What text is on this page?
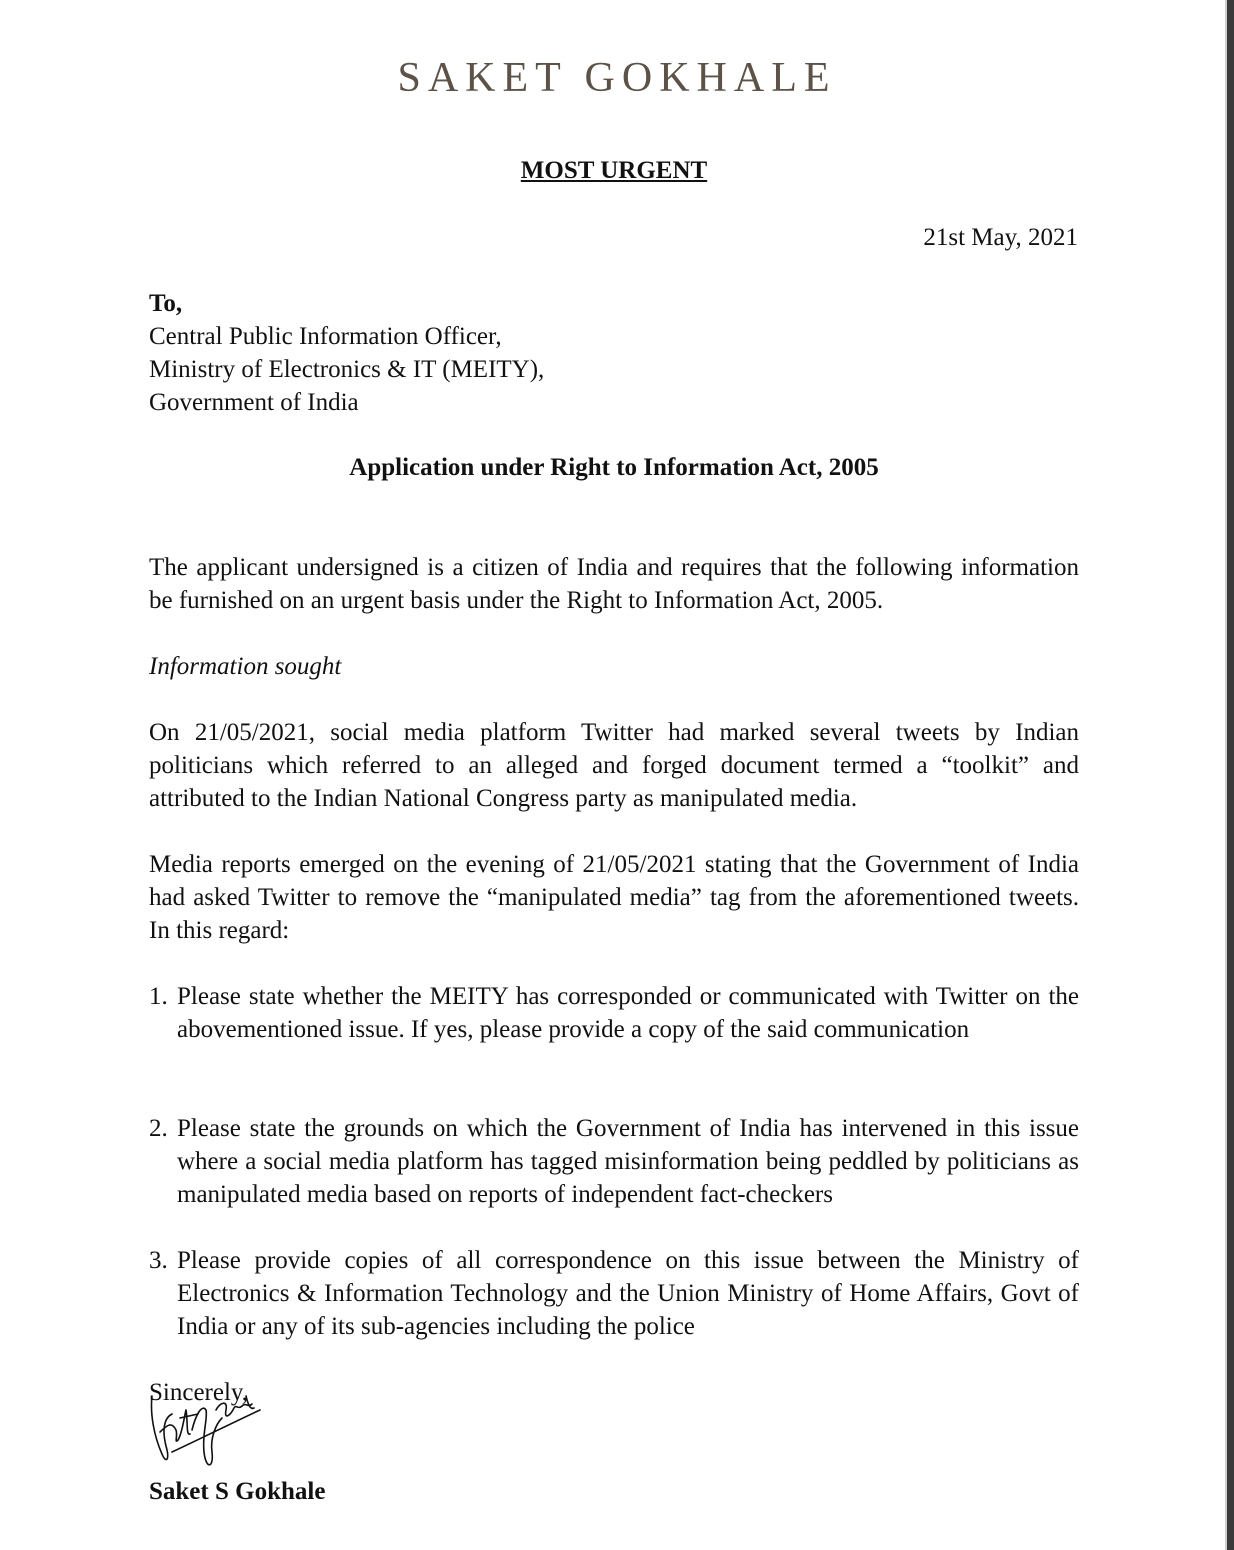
SAKET GOKHALE
MOST URGENT
21st May, 2021
To,
Central Public Information Officer,
Ministry of Electronics & IT (MEITY),
Government of India
Application under Right to Information Act, 2005

The applicant undersigned is a citizen of India and requires that the following information be furnished on an urgent basis under the Right to Information Act, 2005.

Information sought

On 21/05/2021, social media platform Twitter had marked several tweets by Indian politicians which referred to an alleged and forged document termed a “toolkit” and attributed to the Indian National Congress party as manipulated media.

Media reports emerged on the evening of 21/05/2021 stating that the Government of India had asked Twitter to remove the “manipulated media” tag from the aforementioned tweets. In this regard:

1. Please state whether the MEITY has corresponded or communicated with Twitter on the abovementioned issue. If yes, please provide a copy of the said communication
2. Please state the grounds on which the Government of India has intervened in this issue where a social media platform has tagged misinformation being peddled by politicians as manipulated media based on reports of independent fact-checkers
3. Please provide copies of all correspondence on this issue between the Ministry of Electronics & Information Technology and the Union Ministry of Home Affairs, Govt of India or any of its sub-agencies including the police
Sincerely,
Saket S Gokhale
